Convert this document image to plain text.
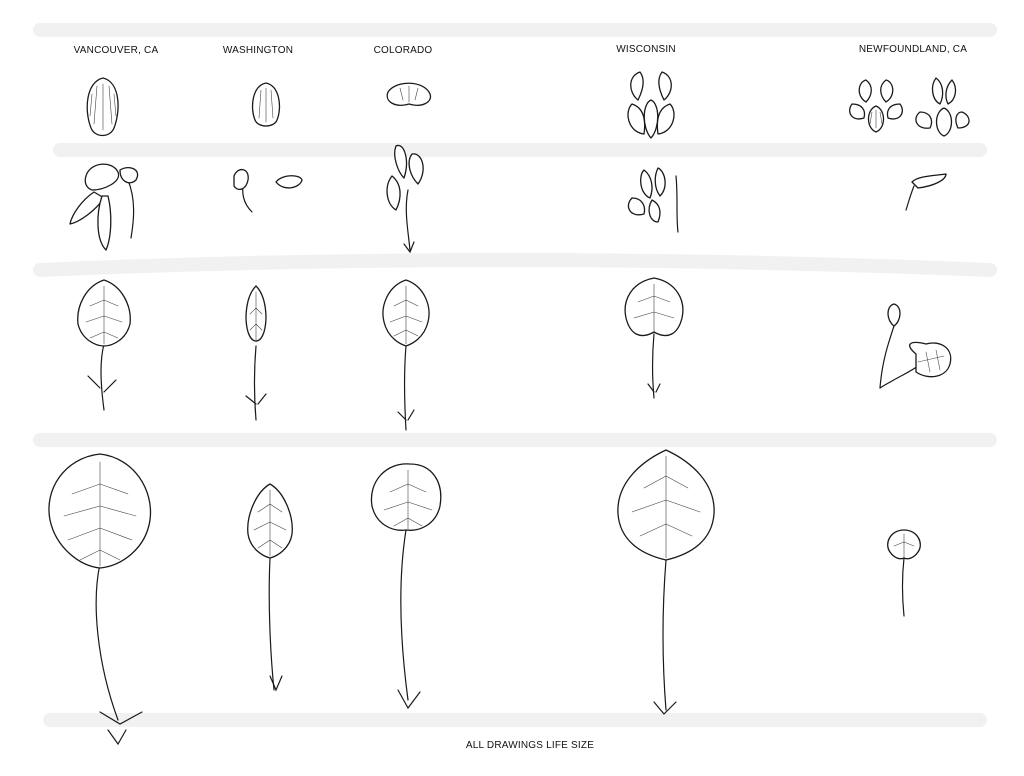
ADUNCA	ADUNCA var. MINOR	LABRADORICA
VANCOUVER, CA	WASHINGTON	COLORADO	WISCONSIN	NEWFOUNDLAND, CA
ALL DRAWINGS LIFE SIZE
